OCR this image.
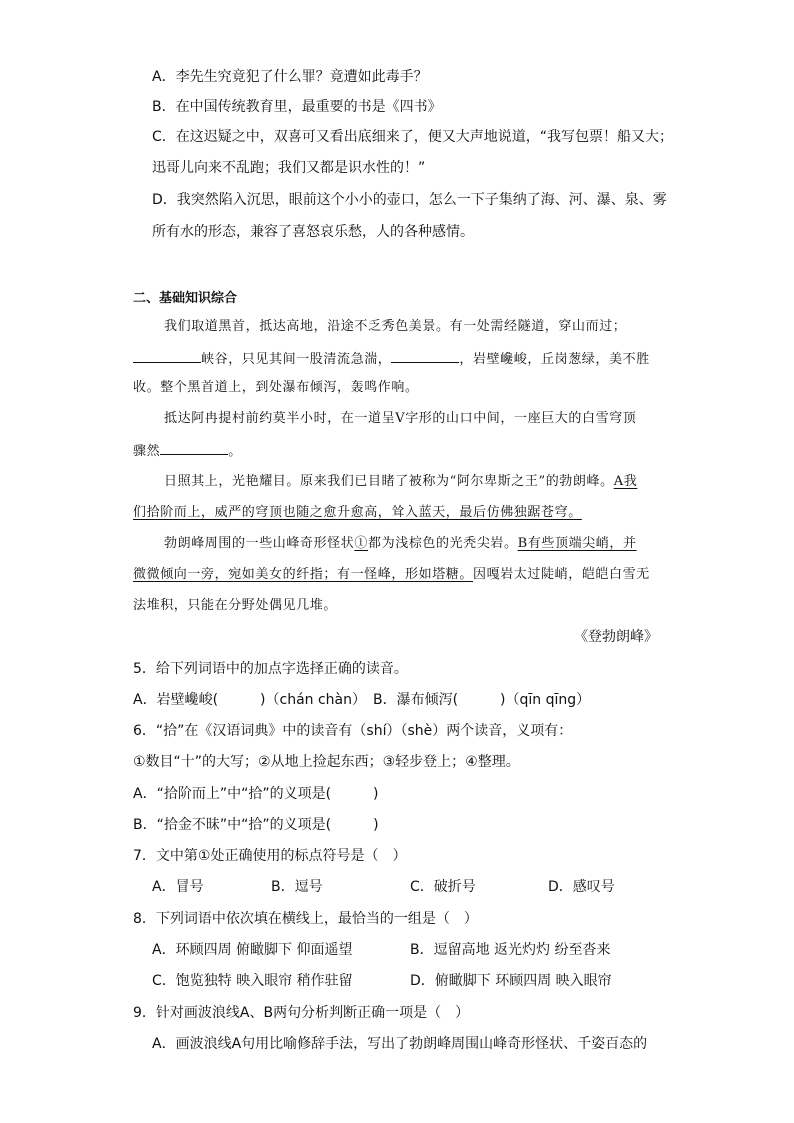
A．李先生究竟犯了什么罪？竟遭如此毒手？
B．在中国传统教育里，最重要的书是《四书》
C．在这迟疑之中，双喜可又看出底细来了，便又大声地说道，“我写包票！船又大；
迅哥儿向来不乱跑；我们又都是识水性的！”
D．我突然陷入沉思，眼前这个小小的壶口，怎么一下子集纳了海、河、瀑、泉、雾
所有水的形态，兼容了喜怒哀乐愁，人的各种感情。
二、基础知识综合
我们取道黑首，抵达高地，沿途不乏秀色美景。有一处需经隧道，穿山而过；
峡谷，只见其间一股清流急湍，	，岩壁巉峻，丘岗葱绿，美不胜
收。整个黑首道上，到处瀑布倾泻，轰鸣作响。
抵达阿冉提村前约莫半小时，在一道呈Ⅴ字形的山口中间，一座巨大的白雪穹顶
骤然	。
日照其上，光艳耀目。原来我们已目睹了被称为“阿尔卑斯之王”的勃朗峰。A我
们拾阶而上，威严的穹顶也随之愈升愈高，耸入蓝天，最后仿佛独踞苍穹。
勃朗峰周围的一些山峰奇形怪状①都为浅棕色的光秃尖岩。B有些顶端尖峭，并
微微倾向一旁，宛如美女的纤指；有一怪峰，形如塔糖。因嘎岩太过陡峭，皑皑白雪无
法堆积，只能在分野处偶见几堆。
《登勃朗峰》
5．给下列词语中的加点字选择正确的读音。
A．岩壁巉峻(　　　)（chán chàn）　B．瀑布倾泻(　　　)（qīn qīng）
6．“拾”在《汉语词典》中的读音有（shí）（shè）两个读音，义项有：
①数目“十”的大写；②从地上捡起东西；③轻步登上；④整理。
A．“拾阶而上”中“拾”的义项是(　　　)
B．“拾金不昧”中“拾”的义项是(　　　)
7．文中第①处正确使用的标点符号是（　）
A．冒号	B．逗号	C．破折号	D．感叹号
8．下列词语中依次填在横线上，最恰当的一组是（　）
A．环顾四周 俯瞰脚下 仰面遥望	B．逗留高地 返光灼灼 纷至沓来
C．饱览独特 映入眼帘 稍作驻留	D．俯瞰脚下 环顾四周 映入眼帘
9．针对画波浪线A、B两句分析判断正确一项是（　）
A．画波浪线A句用比喻修辞手法，写出了勃朗峰周围山峰奇形怪状、千姿百态的
